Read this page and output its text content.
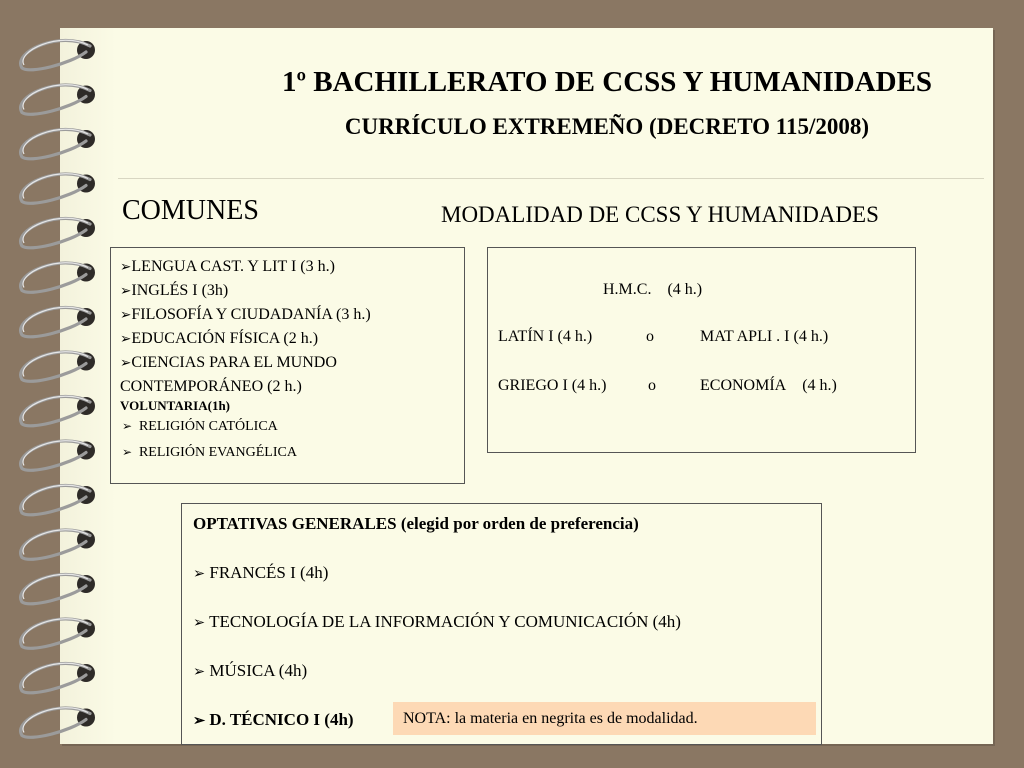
1º BACHILLERATO DE CCSS Y HUMANIDADES
CURRÍCULO EXTREMEÑO (DECRETO 115/2008)
COMUNES	MODALIDAD DE CCSS Y HUMANIDADES
➢LENGUA CAST. Y LIT I (3 h.)
➢INGLÉS I (3h)
➢FILOSOFÍA Y CIUDADANÍA (3 h.)
➢EDUCACIÓN FÍSICA (2 h.)
➢CIENCIAS PARA EL MUNDO CONTEMPORÁNEO (2 h.)
VOLUNTARIA(1h)
➢ RELIGIÓN CATÓLICA
➢ RELIGIÓN EVANGÉLICA
H.M.C. (4 h.)
LATÍN I (4 h.)	o	MAT APLI . I (4 h.)
GRIEGO I (4 h.)	o	ECONOMÍA (4 h.)
OPTATIVAS GENERALES (elegid por orden de preferencia)
➢ FRANCÉS I (4h)
➢ TECNOLOGÍA DE LA INFORMACIÓN Y COMUNICACIÓN (4h)
➢ MÚSICA (4h)
➢ D. TÉCNICO I (4h)	NOTA: la materia en negrita es de modalidad.
